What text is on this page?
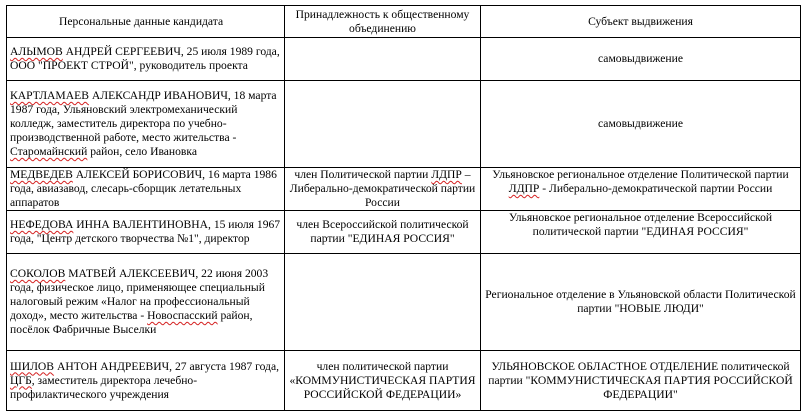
Персональные данные кандидата	Принадлежность к общественному объединению	Субъект выдвижения
АЛЫМОВ АНДРЕЙ СЕРГЕЕВИЧ, 25 июля 1989 года, ООО "ПРОЕКТ СТРОЙ", руководитель проекта		самовыдвижение
КАРТЛАМАЕВ АЛЕКСАНДР ИВАНОВИЧ, 18 марта 1987 года, Ульяновский электромеханический колледж, заместитель директора по учебно-производственной работе, место жительства - Старомайнский район, село Ивановка		самовыдвижение
МЕДВЕДЕВ АЛЕКСЕЙ БОРИСОВИЧ, 16 марта 1986 года, авиазавод, слесарь-сборщик летательных аппаратов	член Политической партии ЛДПР – Либерально-демократической партии России	Ульяновское региональное отделение Политической партии ЛДПР - Либерально-демократической партии России
НЕФЕДОВА ИННА ВАЛЕНТИНОВНА, 15 июля 1967 года, "Центр детского творчества №1", директор	член Всероссийской политической партии "ЕДИНАЯ РОССИЯ"	Ульяновское региональное отделение Всероссийской политической партии "ЕДИНАЯ РОССИЯ"
СОКОЛОВ МАТВЕЙ АЛЕКСЕЕВИЧ, 22 июня 2003 года, физическое лицо, применяющее специальный налоговый режим «Налог на профессиональный доход», место жительства - Новоспасский район, посёлок Фабричные Выселки		Региональное отделение в Ульяновской области Политической партии "НОВЫЕ ЛЮДИ"
ШИЛОВ АНТОН АНДРЕЕВИЧ, 27 августа 1987 года, ЦГБ, заместитель директора лечебно-профилактического учреждения	член политической партии «КОММУНИСТИЧЕСКАЯ ПАРТИЯ РОССИЙСКОЙ ФЕДЕРАЦИИ»	УЛЬЯНОВСКОЕ ОБЛАСТНОЕ ОТДЕЛЕНИЕ политической партии "КОММУНИСТИЧЕСКАЯ ПАРТИЯ РОССИЙСКОЙ ФЕДЕРАЦИИ"
